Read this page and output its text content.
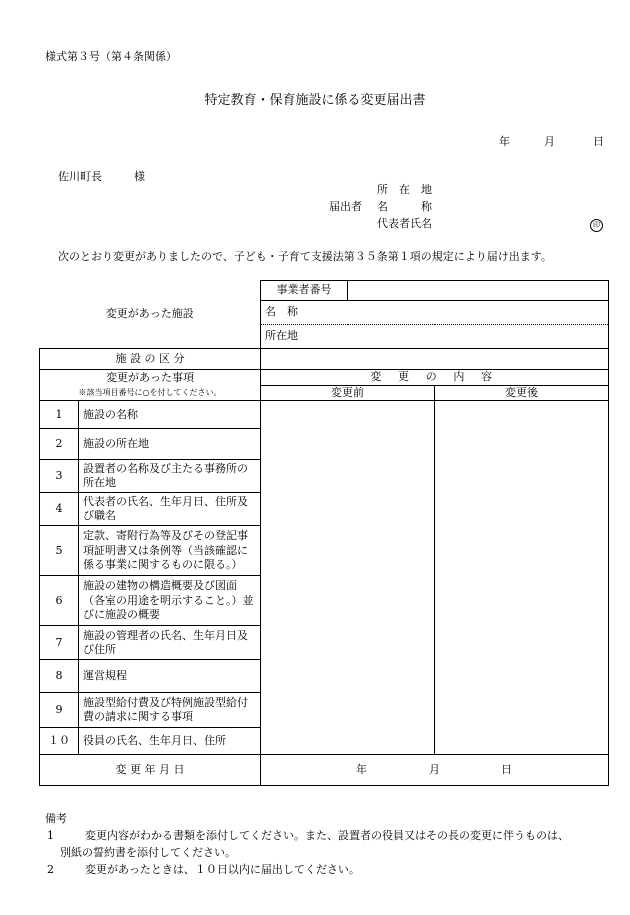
様式第３号（第４条関係）
特定教育・保育施設に係る変更届出書
年	月	日
佐川町長	様
所　在　地
届出者 名　　　称
代表者氏名	印
次のとおり変更がありましたので、子ども・子育て支援法第３５条第１項の規定により届け出ます。
変更があった施設		事業者番号		
		名　称		
		所在地		
施 設 の 区 分				
変更があった事項		変 更 の 内 容		
※該当項目番号に○を付してください。		変更前		変更後
1	施設の名称			
2	施設の所在地			
3	設置者の名称及び主たる事務所の所在地			
4	代表者の氏名、生年月日、住所及び職名			
5	定款、寄附行為等及びその登記事項証明書又は条例等（当該確認に係る事業に関するものに限る。）			
6	施設の建物の構造概要及び図面（各室の用途を明示すること。）並びに施設の概要			
7	施設の管理者の氏名、生年月日及び住所			
8	運営規程			
9	施設型給付費及び特例施設型給付費の請求に関する事項			
１０	役員の氏名、生年月日、住所			
変 更 年 月 日		年 月 日		
備考
1	変更内容がわかる書類を添付してください。また、設置者の役員又はその長の変更に伴うものは、
別紙の誓約書を添付してください。
2	変更があったときは、１０日以内に届出してください。
